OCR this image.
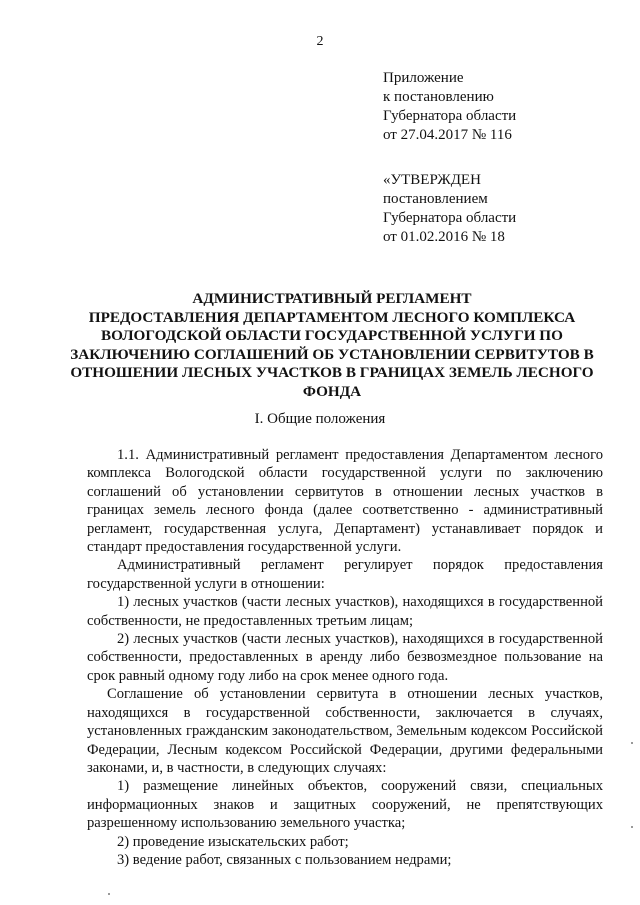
2
Приложение
к постановлению
Губернатора области
от 27.04.2017 № 116
«УТВЕРЖДЕН
постановлением
Губернатора области
от 01.02.2016 № 18
АДМИНИСТРАТИВНЫЙ РЕГЛАМЕНТ
ПРЕДОСТАВЛЕНИЯ ДЕПАРТАМЕНТОМ ЛЕСНОГО КОМПЛЕКСА
ВОЛОГОДСКОЙ ОБЛАСТИ ГОСУДАРСТВЕННОЙ УСЛУГИ ПО
ЗАКЛЮЧЕНИЮ СОГЛАШЕНИЙ ОБ УСТАНОВЛЕНИИ СЕРВИТУТОВ В
ОТНОШЕНИИ ЛЕСНЫХ УЧАСТКОВ В ГРАНИЦАХ ЗЕМЕЛЬ ЛЕСНОГО
ФОНДА
I. Общие положения
1.1. Административный регламент предоставления Департаментом лесного комплекса Вологодской области государственной услуги по заключению соглашений об установлении сервитутов в отношении лесных участков в границах земель лесного фонда (далее соответственно - административный регламент, государственная услуга, Департамент) устанавливает порядок и стандарт предоставления государственной услуги.
Административный регламент регулирует порядок предоставления государственной услуги в отношении:
1) лесных участков (части лесных участков), находящихся в государственной собственности, не предоставленных третьим лицам;
2) лесных участков (части лесных участков), находящихся в государственной собственности, предоставленных в аренду либо безвозмездное пользование на срок равный одному году либо на срок менее одного года.
Соглашение об установлении сервитута в отношении лесных участков, находящихся в государственной собственности, заключается в случаях, установленных гражданским законодательством, Земельным кодексом Российской Федерации, Лесным кодексом Российской Федерации, другими федеральными законами, и, в частности, в следующих случаях:
1) размещение линейных объектов, сооружений связи, специальных информационных знаков и защитных сооружений, не препятствующих разрешенному использованию земельного участка;
2) проведение изыскательских работ;
3) ведение работ, связанных с пользованием недрами;
